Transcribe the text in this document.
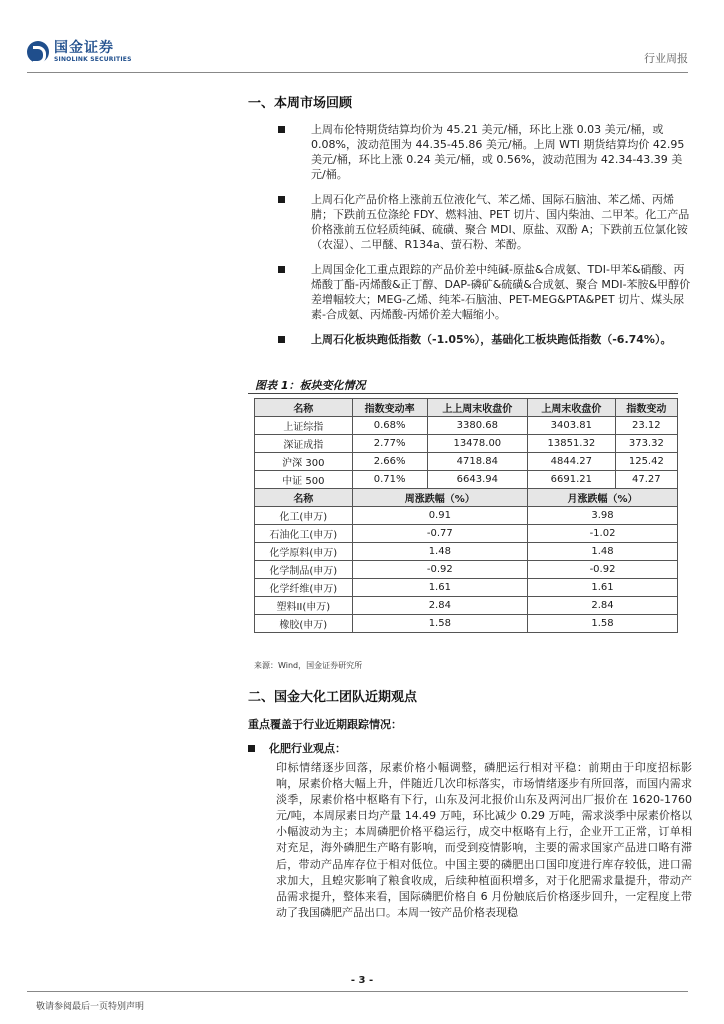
国金证券
SINOLINK SECURITIES	行业周报
一、本周市场回顾
上周布伦特期货结算均价为 45.21 美元/桶，环比上涨 0.03 美元/桶，或 0.08%，波动范围为 44.35-45.86 美元/桶。上周 WTI 期货结算均价 42.95 美元/桶，环比上涨 0.24 美元/桶，或 0.56%，波动范围为 42.34-43.39 美元/桶。
上周石化产品价格上涨前五位液化气、苯乙烯、国际石脑油、苯乙烯、丙烯腈；下跌前五位涤纶 FDY、燃料油、PET 切片、国内柴油、二甲苯。化工产品价格涨前五位轻质纯碱、硫磺、聚合 MDI、原盐、双酚 A；下跌前五位氯化铵（农湿）、二甲醚、R134a、萤石粉、苯酚。
上周国金化工重点跟踪的产品价差中纯碱-原盐&合成氨、TDI-甲苯&硝酸、丙烯酸丁酯-丙烯酸&正丁醇、DAP-磷矿&硫磺&合成氨、聚合 MDI-苯胺&甲醇价差增幅较大；MEG-乙烯、纯苯-石脑油、PET-MEG&PTA&PET 切片、煤头尿素-合成氨、丙烯酸-丙烯价差大幅缩小。
上周石化板块跑低指数（-1.05%），基础化工板块跑低指数（-6.74%）。
图表 1：板块变化情况
名称	指数变动率	上上周末收盘价	上周末收盘价	指数变动
上证综指	0.68%	3380.68	3403.81	23.12
深证成指	2.77%	13478.00	13851.32	373.32
沪深 300	2.66%	4718.84	4844.27	125.42
中证 500	0.71%	6643.94	6691.21	47.27
名称	周涨跌幅（%）		月涨跌幅（%）	
化工(申万)	0.91		3.98	
石油化工(申万)	-0.77		-1.02	
化学原料(申万)	1.48		1.48	
化学制品(申万)	-0.92		-0.92	
化学纤维(申万)	1.61		1.61	
塑料II(申万)	2.84		2.84	
橡胶(申万)	1.58		1.58	
来源：Wind，国金证券研究所
二、国金大化工团队近期观点
重点覆盖于行业近期跟踪情况：
化肥行业观点：
印标情绪逐步回落，尿素价格小幅调整，磷肥运行相对平稳：前期由于印度招标影响，尿素价格大幅上升，伴随近几次印标落实，市场情绪逐步有所回落，而国内需求淡季，尿素价格中枢略有下行，山东及河北报价山东及两河出厂报价在 1620-1760 元/吨，本周尿素日均产量 14.49 万吨，环比减少 0.29 万吨，需求淡季中尿素价格以小幅波动为主；本周磷肥价格平稳运行，成交中枢略有上行，企业开工正常，订单相对充足，海外磷肥生产略有影响，而受到疫情影响，主要的需求国家产品进口略有滞后，带动产品库存位于相对低位。中国主要的磷肥出口国印度进行库存较低，进口需求加大，且蝗灾影响了粮食收成，后续种植面积增多，对于化肥需求量提升，带动产品需求提升，整体来看，国际磷肥价格自 6 月份触底后价格逐步回升，一定程度上带动了我国磷肥产品出口。本周一铵产品价格表现稳
- 3 -
敬请参阅最后一页特别声明
